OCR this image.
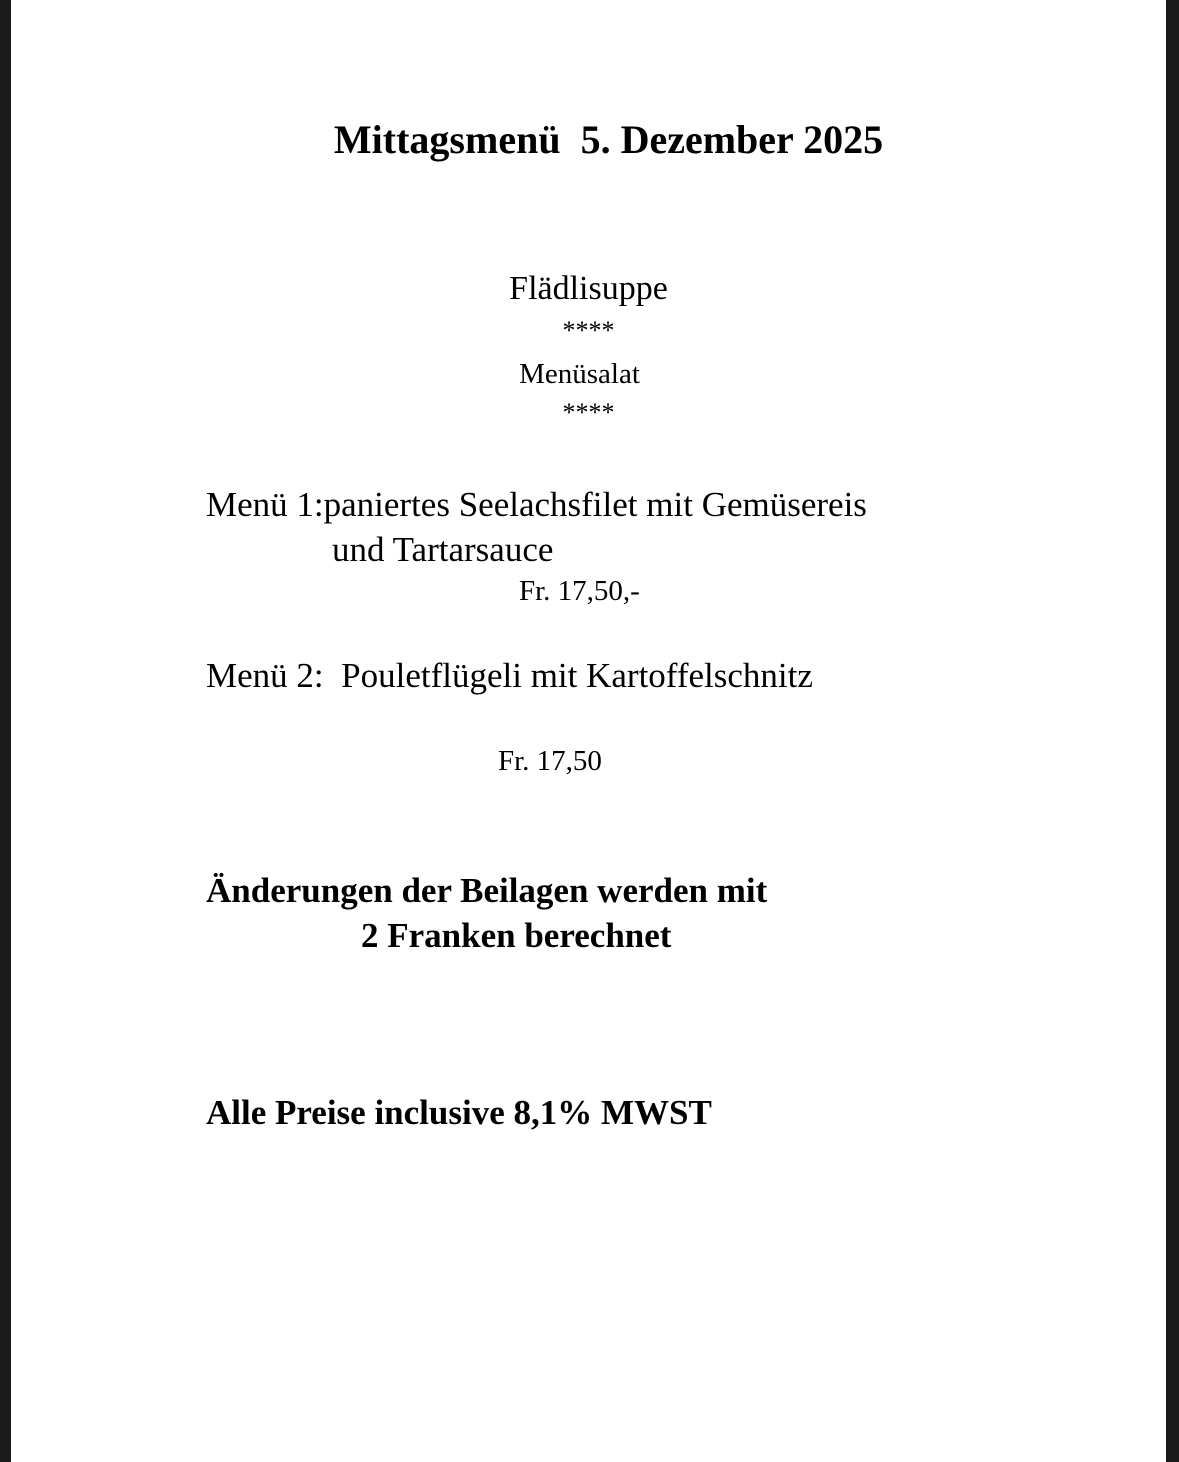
Mittagsmenü  5. Dezember 2025
Flädlisuppe
****
Menüsalat
****
Menü 1:paniertes Seelachsfilet mit Gemüsereis
und Tartarsauce
Fr. 17,50,-
Menü 2:  Pouletflügeli mit Kartoffelschnitz
Fr. 17,50
Änderungen der Beilagen werden mit
2 Franken berechnet
Alle Preise inclusive 8,1% MWST
